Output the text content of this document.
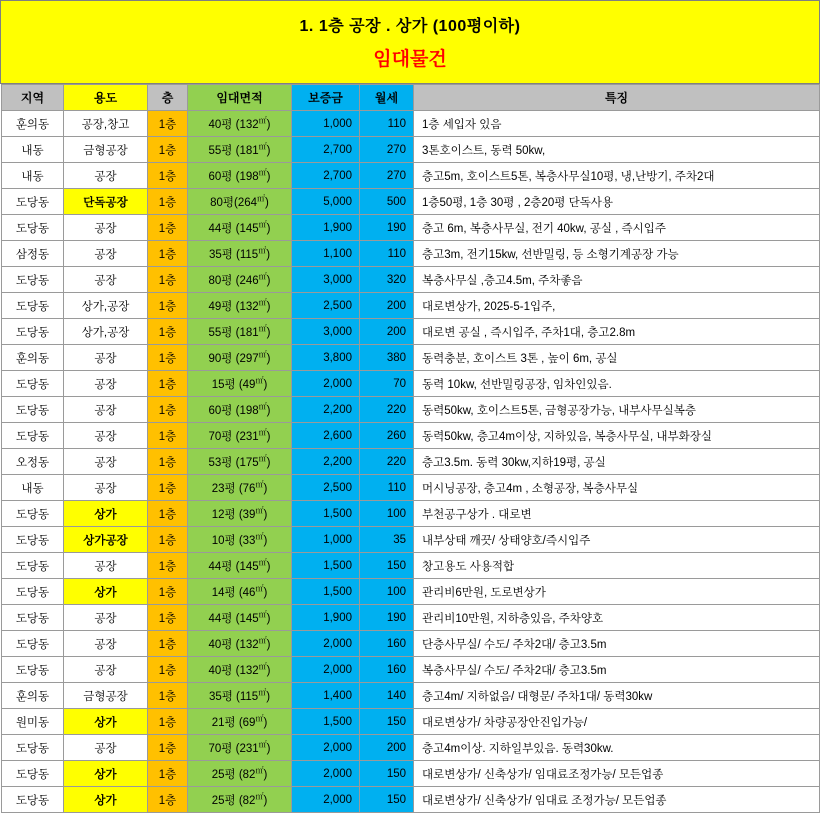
1. 1층 공장 . 상가 (100평이하)
임대물건
지역	용도	층	임대면적	보증금	월세	특징
훈의동	공장,창고	1층	40평 (132㎡)	1,000	110	1층 세입자 있음
내동	금형공장	1층	55평 (181㎡)	2,700	270	3톤호이스트, 동력 50kw,
내동	공장	1층	60평 (198㎡)	2,700	270	층고5m, 호이스트5톤, 복층사무실10평, 냉,난방기, 주차2대
도당동	단독공장	1층	80평(264㎡)	5,000	500	1층50평, 1층 30평 , 2층20평 단독사용
도당동	공장	1층	44평 (145㎡)	1,900	190	층고 6m, 복층사무실, 전기 40kw, 공실 , 즉시입주
삼정동	공장	1층	35평 (115㎡)	1,100	110	층고3m, 전기15kw, 선반밀링, 등 소형기계공장 가능
도당동	공장	1층	80평 (246㎡)	3,000	320	복층사무실 ,층고4.5m, 주차좋음
도당동	상가,공장	1층	49평 (132㎡)	2,500	200	대로변상가, 2025-5-1입주,
도당동	상가,공장	1층	55평 (181㎡)	3,000	200	대로변 공실 , 즉시입주, 주차1대, 층고2.8m
훈의동	공장	1층	90평 (297㎡)	3,800	380	동력충분, 호이스트 3톤 , 높이 6m, 공실
도당동	공장	1층	15평 (49㎡)	2,000	70	동력 10kw, 선반밀링공장, 임차인있음.
도당동	공장	1층	60평 (198㎡)	2,200	220	동력50kw, 호이스트5톤, 금형공장가능, 내부사무실복층
도당동	공장	1층	70평 (231㎡)	2,600	260	동력50kw, 층고4m이상, 지하있음, 복층사무실, 내부화장실
오정동	공장	1층	53평 (175㎡)	2,200	220	층고3.5m. 동력 30kw,지하19평, 공실
내동	공장	1층	23평 (76㎡)	2,500	110	머시닝공장, 층고4m , 소형공장, 복층사무실
도당동	상가	1층	12평 (39㎡)	1,500	100	부천공구상가 . 대로변
도당동	상가공장	1층	10평 (33㎡)	1,000	35	내부상태 깨끗/ 상태양호/즉시입주
도당동	공장	1층	44평 (145㎡)	1,500	150	창고용도 사용적합
도당동	상가	1층	14평 (46㎡)	1,500	100	관리비6만원, 도로변상가
도당동	공장	1층	44평 (145㎡)	1,900	190	관리비10만원, 지하층있음, 주차양호
도당동	공장	1층	40평 (132㎡)	2,000	160	단층사무실/ 수도/ 주차2대/ 층고3.5m
도당동	공장	1층	40평 (132㎡)	2,000	160	복층사무실/ 수도/ 주차2대/ 층고3.5m
훈의동	금형공장	1층	35평 (115㎡)	1,400	140	층고4m/ 지하없음/ 대형문/ 주차1대/ 동력30kw
원미동	상가	1층	21평 (69㎡)	1,500	150	대로변상가/ 차량공장안진입가능/
도당동	공장	1층	70평 (231㎡)	2,000	200	층고4m이상. 지하일부있음. 동력30kw.
도당동	상가	1층	25평 (82㎡)	2,000	150	대로변상가/ 신축상가/ 임대료조정가능/ 모든업종
도당동	상가	1층	25평 (82㎡)	2,000	150	대로변상가/ 신축상가/ 임대료 조정가능/ 모든업종
